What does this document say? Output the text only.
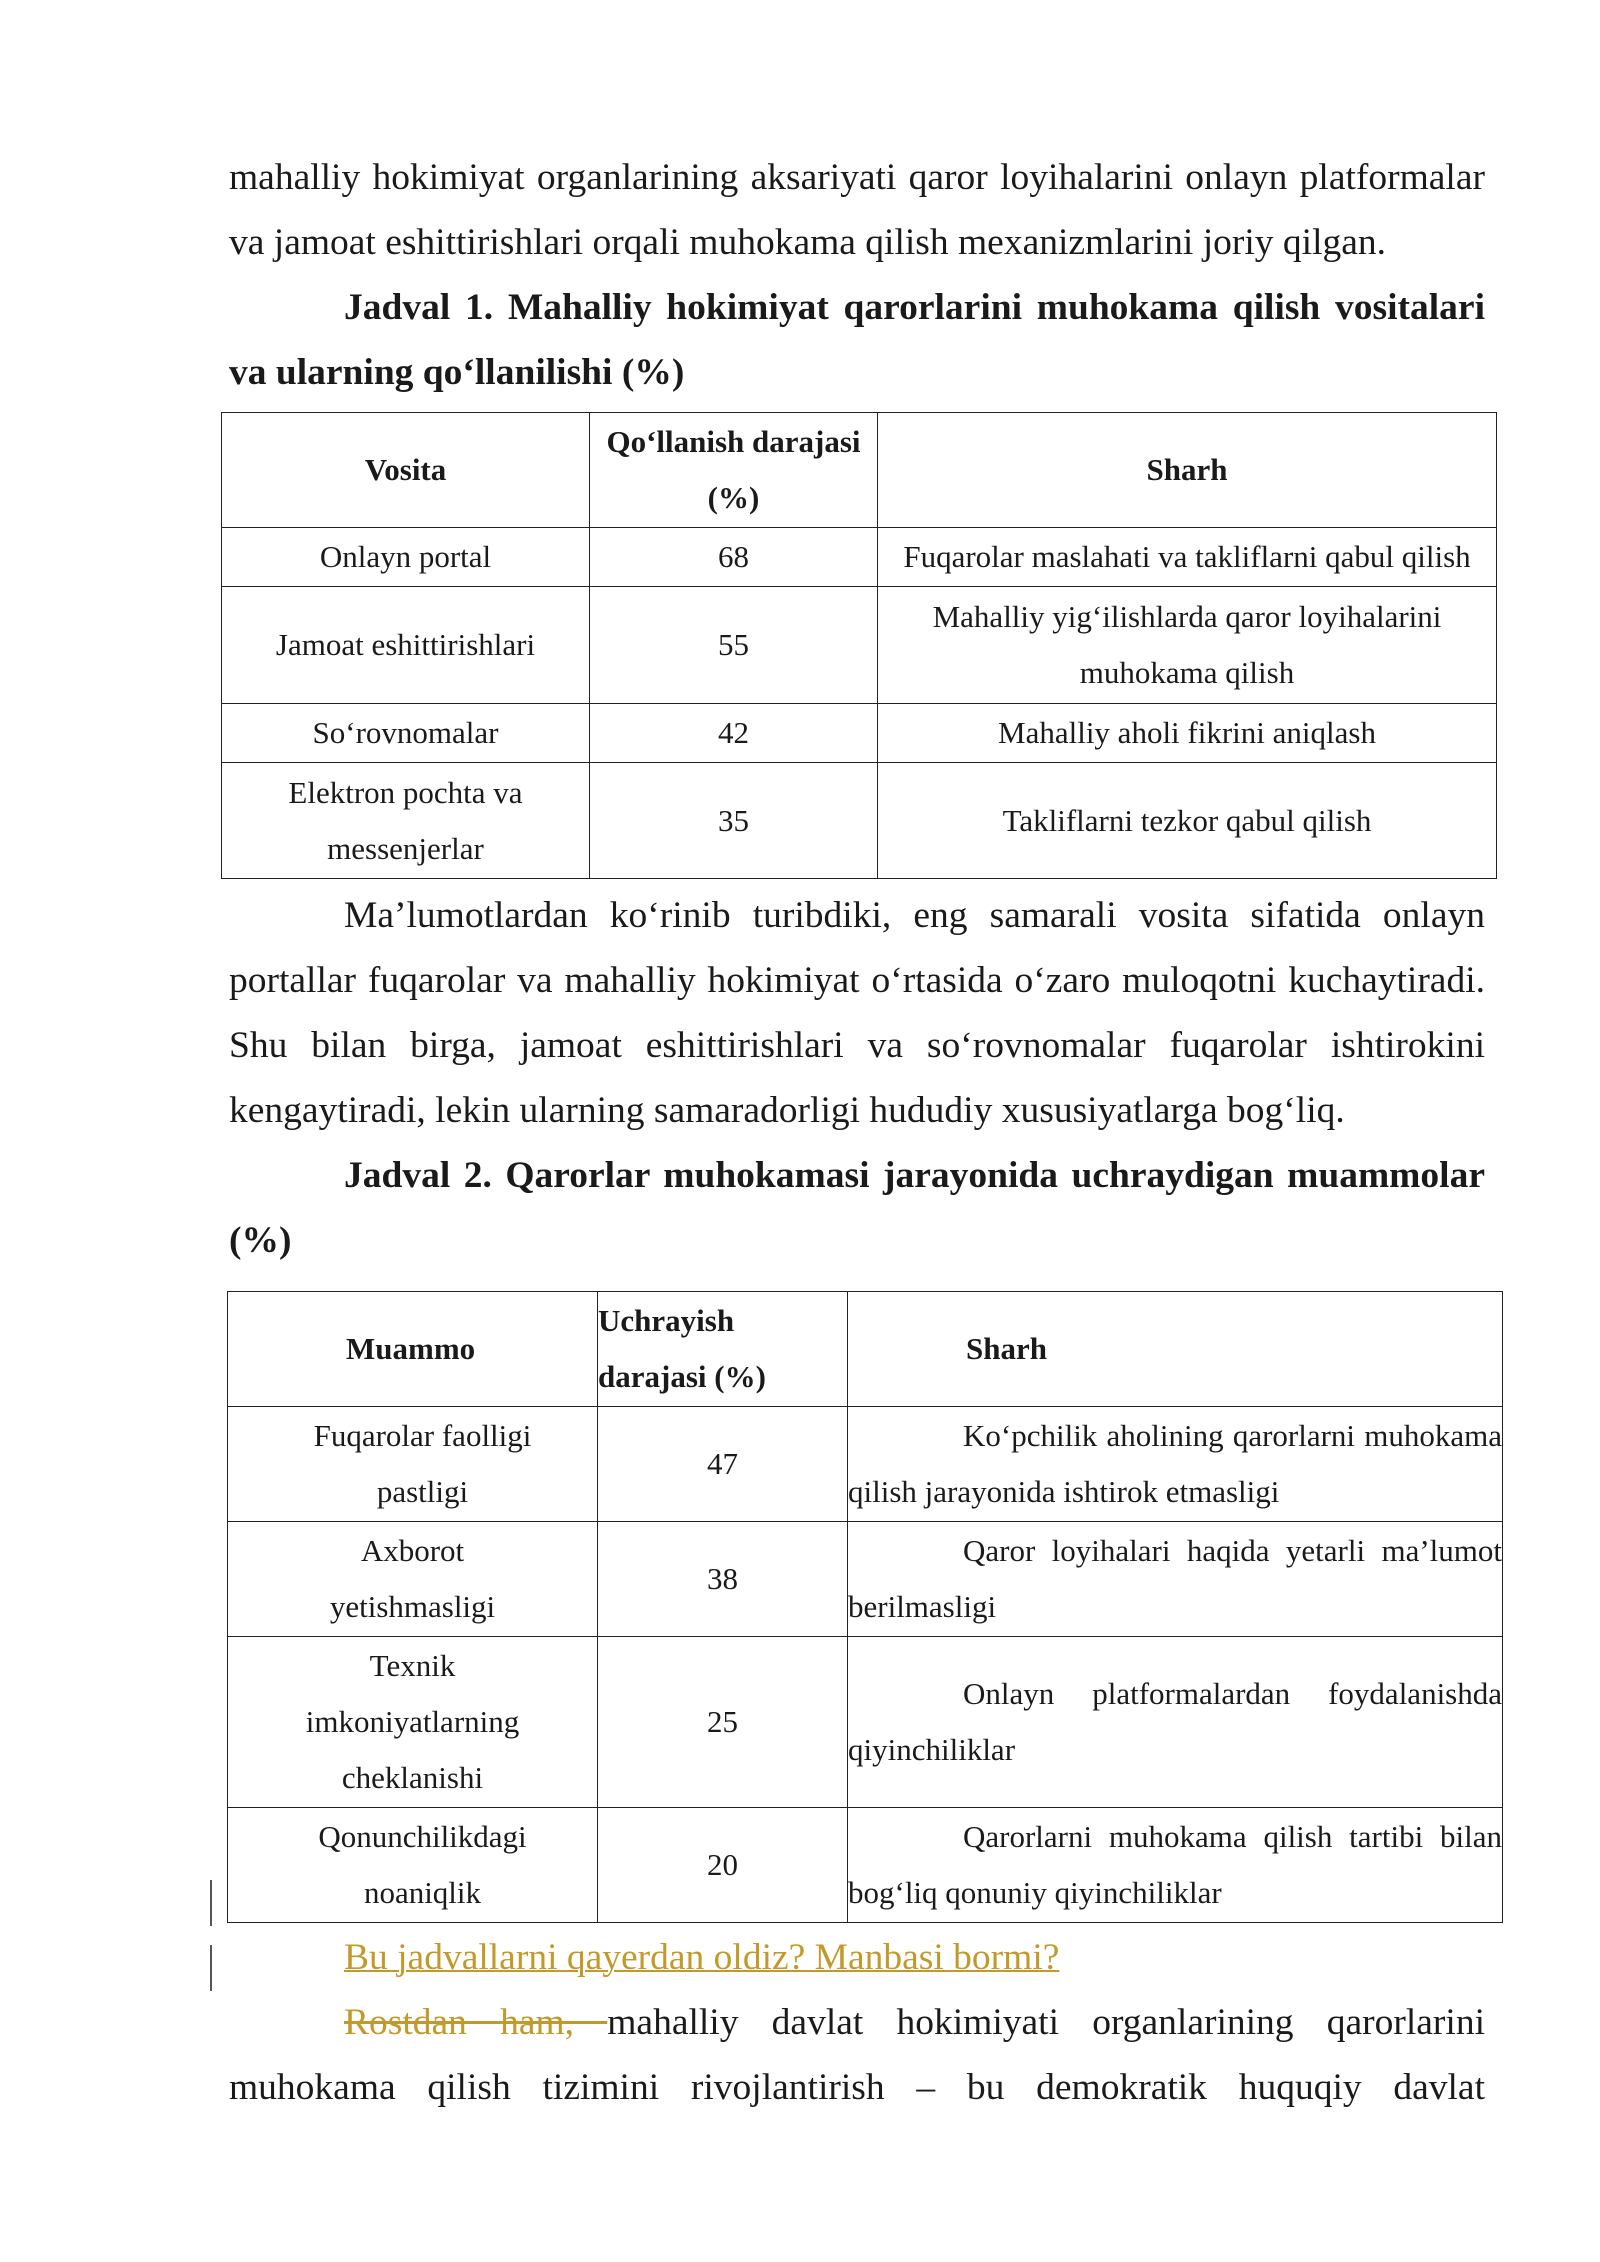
mahalliy hokimiyat organlarining aksariyati qaror loyihalarini onlayn platformalar

va jamoat eshittirishlari orqali muhokama qilish mexanizmlarini joriy qilgan.

Jadval 1. Mahalliy hokimiyat qarorlarini muhokama qilish vositalari va ularning qo‘llanilishi (%)

Vosita	Qo‘llanish darajasi (%)	Sharh
Onlayn portal	68	Fuqarolar maslahati va takliflarni qabul qilish
Jamoat eshittirishlari	55	Mahalliy yig‘ilishlarda qaror loyihalarini muhokama qilish
So‘rovnomalar	42	Mahalliy aholi fikrini aniqlash
Elektron pochta va messenjerlar	35	Takliflarni tezkor qabul qilish

Ma’lumotlardan ko‘rinib turibdiki, eng samarali vosita sifatida onlayn portallar fuqarolar va mahalliy hokimiyat o‘rtasida o‘zaro muloqotni kuchaytiradi. Shu bilan birga, jamoat eshittirishlari va so‘rovnomalar fuqarolar ishtirokini kengaytiradi, lekin ularning samaradorligi hududiy xususiyatlarga bog‘liq.

Jadval 2. Qarorlar muhokamasi jarayonida uchraydigan muammolar (%)

Muammo	Uchrayish darajasi (%)	Sharh
Fuqarolar faolligi pastligi	47	Ko‘pchilik aholining qarorlarni muhokama qilish jarayonida ishtirok etmasligi
Axborot yetishmasligi	38	Qaror loyihalari haqida yetarli ma’lumot berilmasligi
Texnik imkoniyatlarning cheklanishi	25	Onlayn platformalardan foydalanishda qiyinchiliklar
Qonunchilikdagi noaniqlik	20	Qarorlarni muhokama qilish tartibi bilan bog‘liq qonuniy qiyinchiliklar

Bu jadvallarni qayerdan oldiz? Manbasi bormi?

Rostdan ham, mahalliy davlat hokimiyati organlarining qarorlarini muhokama qilish tizimini rivojlantirish – bu demokratik huquqiy davlat
